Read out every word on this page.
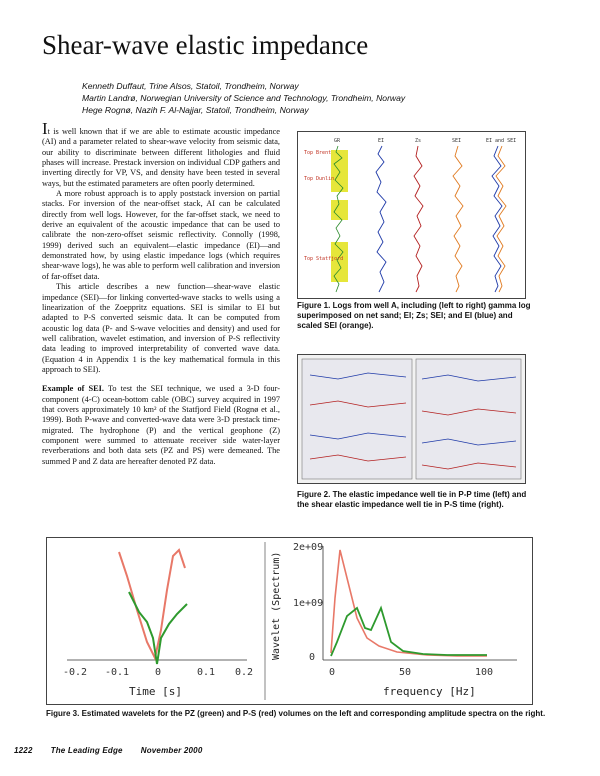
Shear-wave elastic impedance
Kenneth Duffaut, Trine Alsos, Statoil, Trondheim, Norway
Martin Landrø, Norwegian University of Science and Technology, Trondheim, Norway
Hege Rognø, Nazih F. Al-Najjar, Statoil, Trondheim, Norway

It is well known that if we are able to estimate acoustic impedance (AI) and a parameter related to shear-wave velocity from seismic data, our ability to discriminate between different lithologies and fluid phases will increase. Prestack inversion on individual CDP gathers and inverting directly for VP, VS, and density have been tested in several ways, but the estimated parameters are often poorly determined.

A more robust approach is to apply poststack inversion on partial stacks. For inversion of the near-offset stack, AI can be calculated directly from well logs. However, for the far-offset stack, we need to derive an equivalent of the acoustic impedance that can be used to calibrate the non-zero-offset seismic reflectivity. Connolly (1998, 1999) derived such an equivalent—elastic impedance (EI)—and demonstrated how, by using elastic impedance logs (which requires shear-wave logs), he was able to perform well calibration and inversion of far-offset data.

This article describes a new function—shear-wave elastic impedance (SEI)—for linking converted-wave stacks to wells using a linearization of the Zoeppritz equations. SEI is similar to EI but adapted to P-S converted seismic data. It can be computed from acoustic log data (P- and S-wave velocities and density) and used for well calibration, wavelet estimation, and inversion of P-S reflectivity data leading to improved interpretability of converted wave data. (Equation 4 in Appendix 1 is the key mathematical formula in this approach to SEI).

Example of SEI. To test the SEI technique, we used a 3-D four-component (4-C) ocean-bottom cable (OBC) survey acquired in 1997 that covers approximately 10 km² of the Statfjord Field (Rognø et al., 1999). Both P-wave and converted-wave data were 3-D prestack time-migrated. The hydrophone (P) and the vertical geophone (Z) component were summed to attenuate receiver side water-layer reverberations and both data sets (PZ and PS) were demeaned. The summed P and Z data are hereafter denoted PZ data.

GR	EI	Zs	SEI	EI and SEI
Top Brent
Top Dunlin
Top Statfjord
Figure 1. Logs from well A, including (left to right) gamma log superimposed on net sand; EI; Zs; SEI; and EI (blue) and scaled SEI (orange).
Figure 2. The elastic impedance well tie in P-P time (left) and the shear elastic impedance well tie in P-S time (right).
-0.2 -0.1	0	0.1 0.2
Time [s]
2e+09
1e+09
0
0	50	100
frequency [Hz]
Wavelet (Spectrum)
Figure 3. Estimated wavelets for the PZ (green) and P-S (red) volumes on the left and corresponding amplitude spectra on the right.
1222 The Leading Edge November 2000
